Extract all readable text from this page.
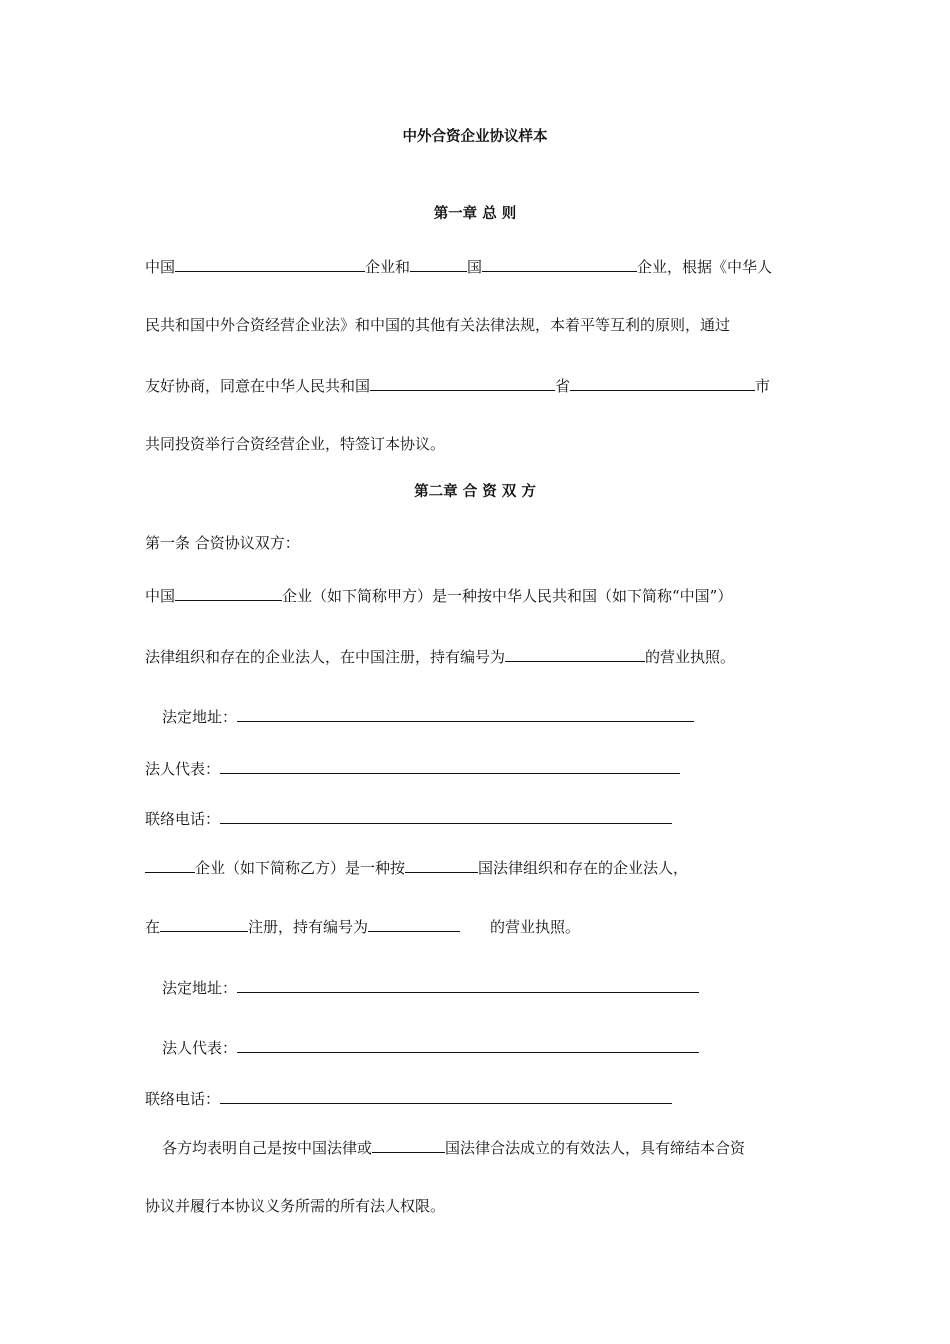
中外合资企业协议样本
第一章 总 则
中国	企业和	国	企业，根据《中华人
民共和国中外合资经营企业法》和中国的其他有关法律法规，本着平等互利的原则，通过
友好协商，同意在中华人民共和国	省	市
共同投资举行合资经营企业，特签订本协议。
第二章 合 资 双 方
第一条 合资协议双方：
中国	企业（如下简称甲方）是一种按中华人民共和国（如下简称“中国”）
法律组织和存在的企业法人，在中国注册，持有编号为	的营业执照。
法定地址：
法人代表：
联络电话：
企业（如下简称乙方）是一种按	国法律组织和存在的企业法人，
在	注册，持有编号为	的营业执照。
法定地址：
法人代表：
联络电话：
各方均表明自己是按中国法律或	国法律合法成立的有效法人，具有缔结本合资
协议并履行本协议义务所需的所有法人权限。
